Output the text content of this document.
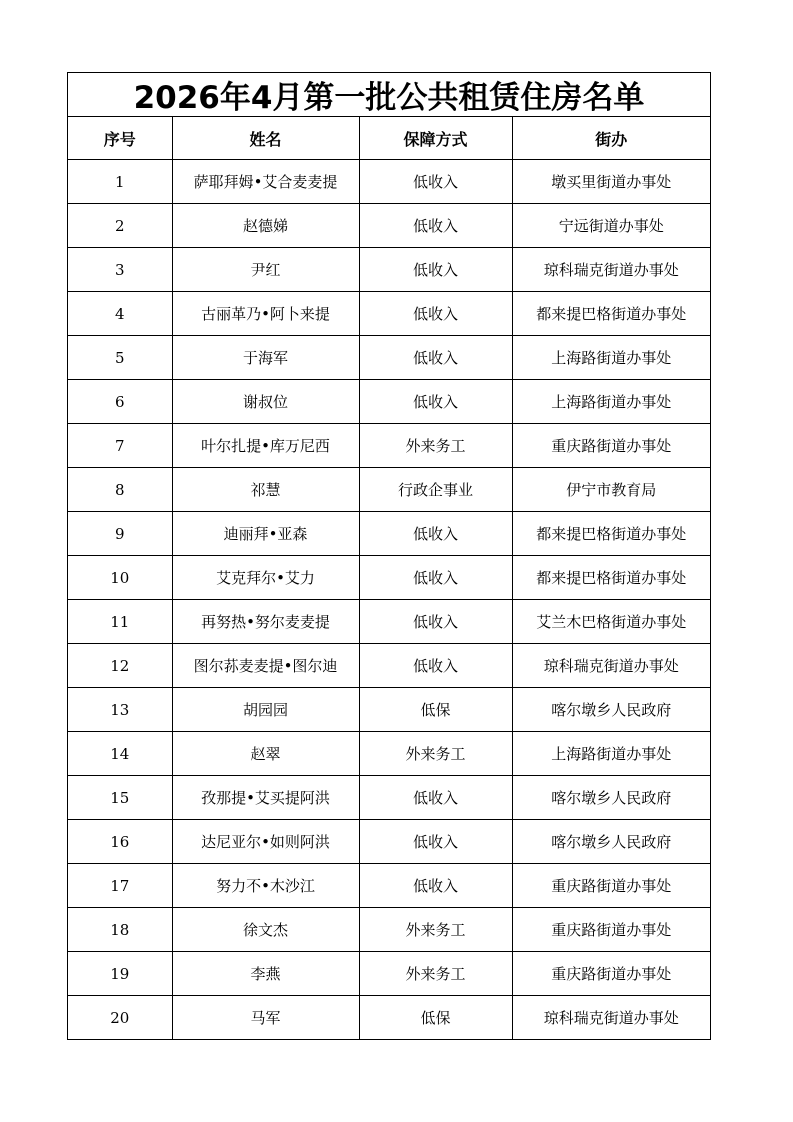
2026年4月第一批公共租赁住房名单
序号	姓名	保障方式	街办
1	萨耶拜姆•艾合麦麦提	低收入	墩买里街道办事处
2	赵德娣	低收入	宁远街道办事处
3	尹红	低收入	琼科瑞克街道办事处
4	古丽革乃•阿卜来提	低收入	都来提巴格街道办事处
5	于海军	低收入	上海路街道办事处
6	谢叔位	低收入	上海路街道办事处
7	叶尔扎提•库万尼西	外来务工	重庆路街道办事处
8	祁慧	行政企事业	伊宁市教育局
9	迪丽拜•亚森	低收入	都来提巴格街道办事处
10	艾克拜尔•艾力	低收入	都来提巴格街道办事处
11	再努热•努尔麦麦提	低收入	艾兰木巴格街道办事处
12	图尔荪麦麦提•图尔迪	低收入	琼科瑞克街道办事处
13	胡园园	低保	喀尔墩乡人民政府
14	赵翠	外来务工	上海路街道办事处
15	孜那提•艾买提阿洪	低收入	喀尔墩乡人民政府
16	达尼亚尔•如则阿洪	低收入	喀尔墩乡人民政府
17	努力不•木沙江	低收入	重庆路街道办事处
18	徐文杰	外来务工	重庆路街道办事处
19	李燕	外来务工	重庆路街道办事处
20	马军	低保	琼科瑞克街道办事处
